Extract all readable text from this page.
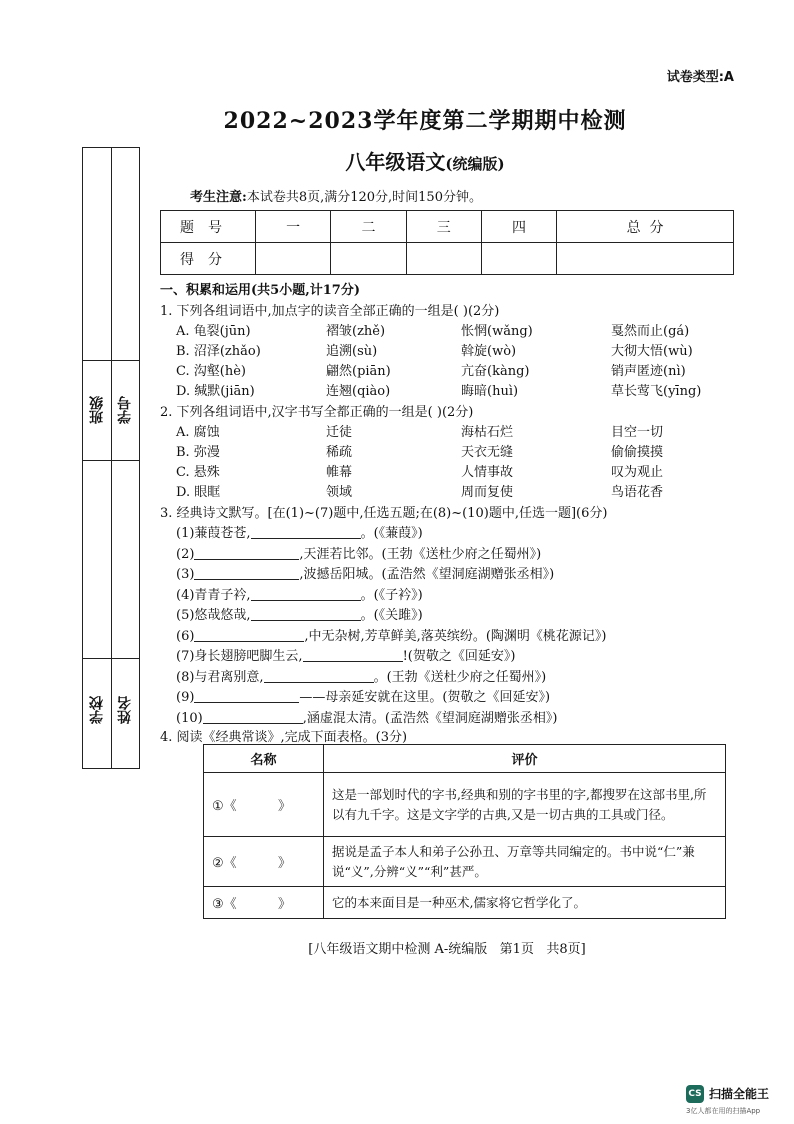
试卷类型:A
2022~2023学年度第二学期期中检测
八年级语文(统编版)
考生注意:本试卷共8页,满分120分,时间150分钟。
题号	一	二	三	四	总  分
得分					
班级
学校
学号
姓名
一、积累和运用(共5小题,计17分)
1. 下列各组词语中,加点字的读音全部正确的一组是( )(2分)
A. 龟裂(jūn)	褶皱(zhě)	怅惘(wǎng)	戛然而止(gá)
B. 沼泽(zhǎo)	追溯(sù)	斡旋(wò)	大彻大悟(wù)
C. 沟壑(hè)	翩然(piān)	亢奋(kàng)	销声匿迹(nì)
D. 缄默(jiān)	连翘(qiào)	晦暗(huì)	草长莺飞(yīng)
2. 下列各组词语中,汉字书写全都正确的一组是( )(2分)
A. 腐蚀	迁徒	海枯石烂	目空一切
B. 弥漫	稀疏	天衣无缝	偷偷摸摸
C. 悬殊	帷幕	人情事故	叹为观止
D. 眼眶	领域	周而复使	鸟语花香
3. 经典诗文默写。[在(1)~(7)题中,任选五题;在(8)~(10)题中,任选一题](6分)
(1)蒹葭苍苍,	。(《蒹葭》)
(2)	,天涯若比邻。(王勃《送杜少府之任蜀州》)
(3)	,波撼岳阳城。(孟浩然《望洞庭湖赠张丞相》)
(4)青青子衿,	。(《子衿》)
(5)悠哉悠哉,	。(《关雎》)
(6)	,中无杂树,芳草鲜美,落英缤纷。(陶渊明《桃花源记》)
(7)身长翅膀吧脚生云,	!(贺敬之《回延安》)
(8)与君离别意,	。(王勃《送杜少府之任蜀州》)
(9)	——母亲延安就在这里。(贺敬之《回延安》)
(10)	,涵虚混太清。(孟浩然《望洞庭湖赠张丞相》)
4. 阅读《经典常谈》,完成下面表格。(3分)
名称	评价
①《          》	这是一部划时代的字书,经典和别的字书里的字,都搜罗在这部书里,所以有九千字。这是文字学的古典,又是一切古典的工具或门径。
②《          》	据说是孟子本人和弟子公孙丑、万章等共同编定的。书中说“仁”兼说“义”,分辨“义”“利”甚严。
③《          》	它的本来面目是一种巫术,儒家将它哲学化了。
[八年级语文期中检测 A-统编版   第1页   共8页]
CS 扫描全能王
3亿人都在用的扫描App
